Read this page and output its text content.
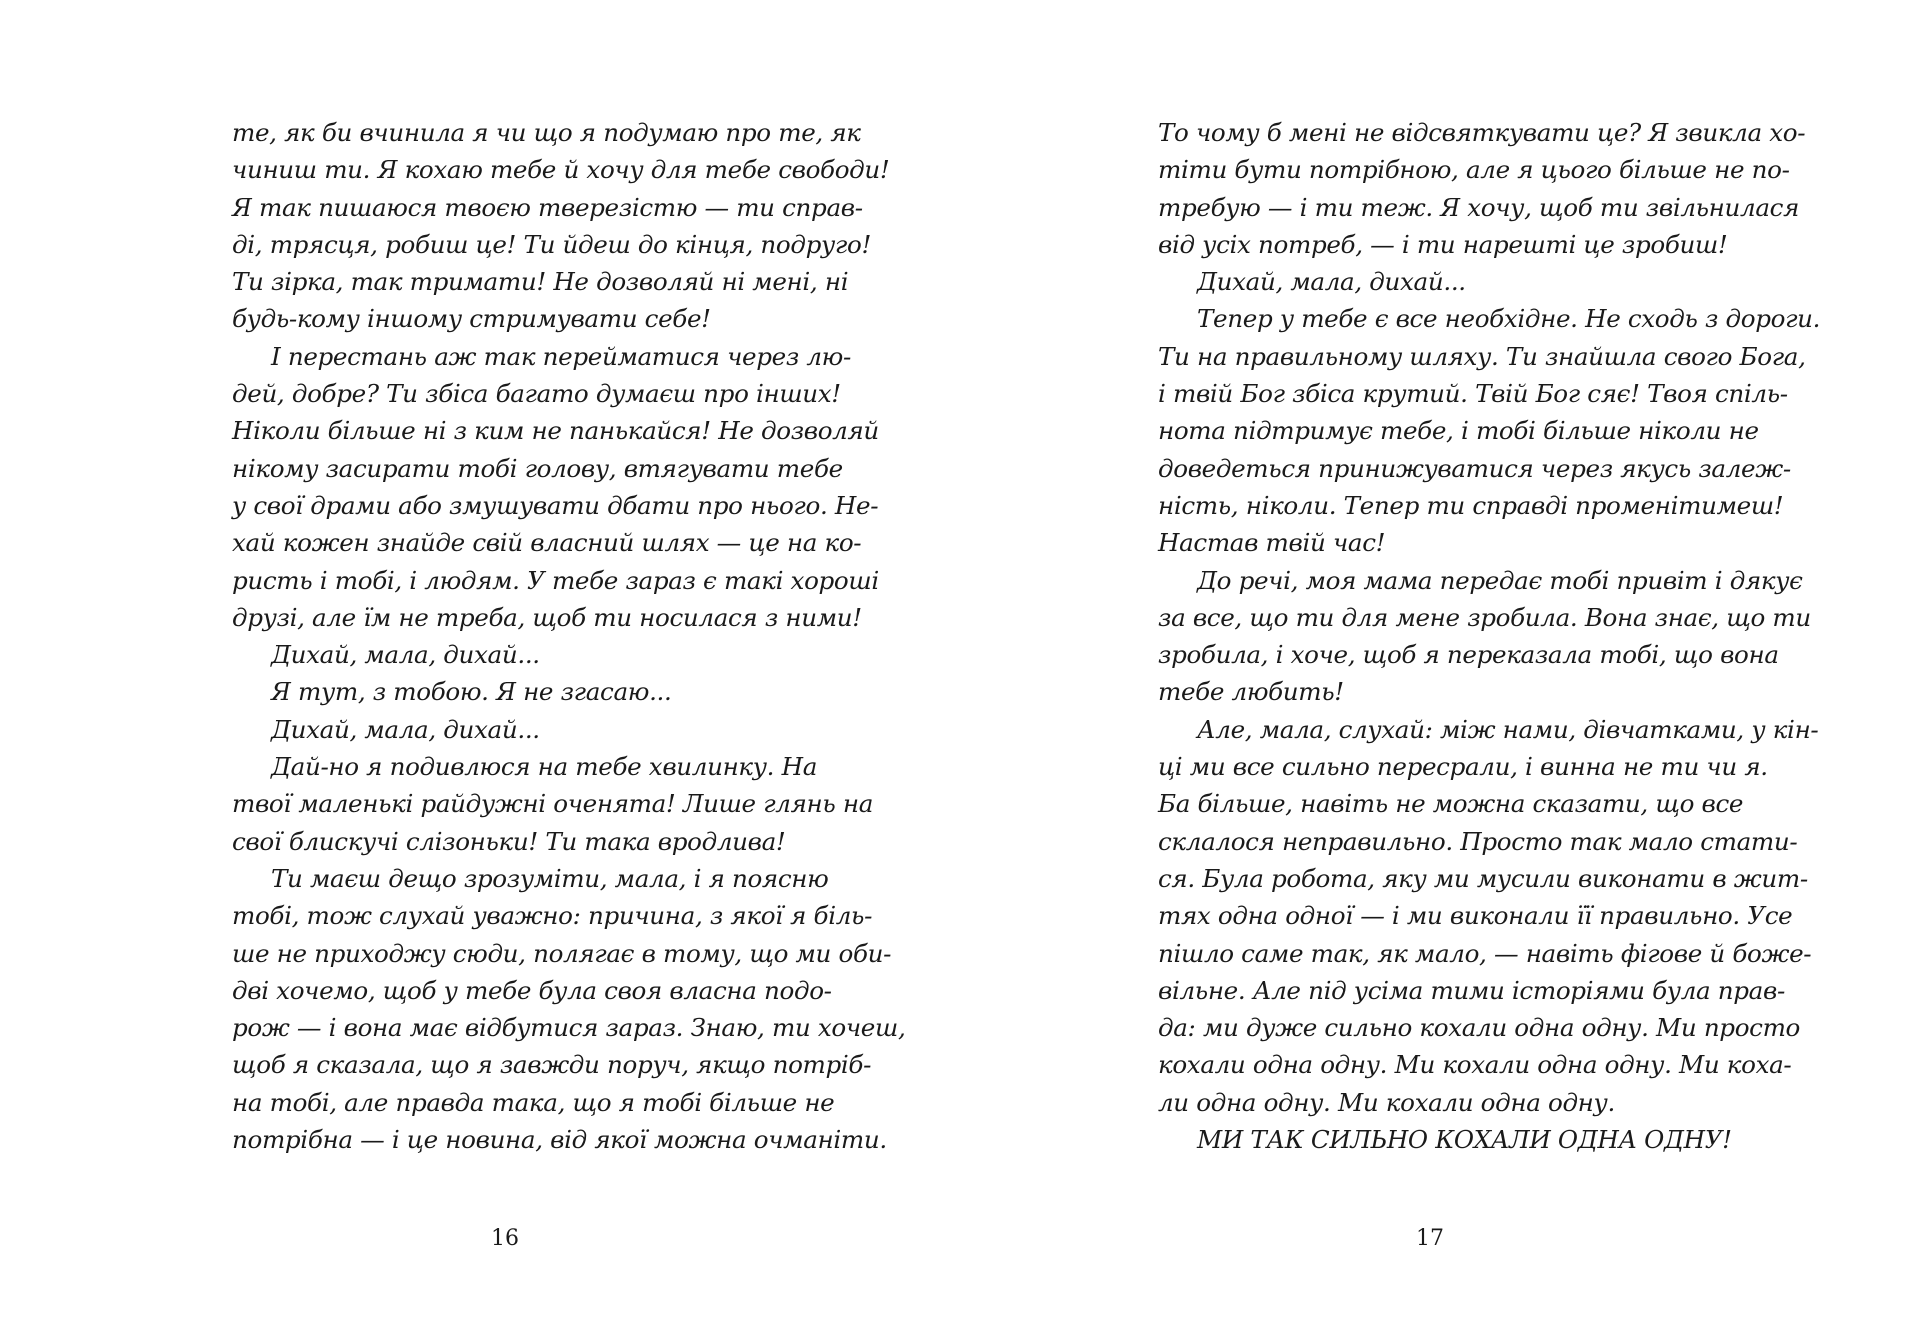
те, як би вчинила я чи що я подумаю про те, як
чиниш ти. Я кохаю тебе й хочу для тебе свободи!
Я так пишаюся твоєю тверезістю — ти справ-
ді, трясця, робиш це! Ти йдеш до кінця, подруго!
Ти зірка, так тримати! Не дозволяй ні мені, ні
будь-кому іншому стримувати себе!
І перестань аж так перейматися через лю-
дей, добре? Ти збіса багато думаєш про інших!
Ніколи більше ні з ким не панькайся! Не дозволяй
нікому засирати тобі голову, втягувати тебе
у свої драми або змушувати дбати про нього. Не-
хай кожен знайде свій власний шлях — це на ко-
ристь і тобі, і людям. У тебе зараз є такі хороші
друзі, але їм не треба, щоб ти носилася з ними!
Дихай, мала, дихай...
Я тут, з тобою. Я не згасаю...
Дихай, мала, дихай...
Дай-но я подивлюся на тебе хвилинку. На
твої маленькі райдужні оченята! Лише глянь на
свої блискучі слізоньки! Ти така вродлива!
Ти маєш дещо зрозуміти, мала, і я поясню
тобі, тож слухай уважно: причина, з якої я біль-
ше не приходжу сюди, полягає в тому, що ми оби-
дві хочемо, щоб у тебе була своя власна подо-
рож — і вона має відбутися зараз. Знаю, ти хочеш,
щоб я сказала, що я завжди поруч, якщо потріб-
на тобі, але правда така, що я тобі більше не
потрібна — і це новина, від якої можна очманіти.
То чому б мені не відсвяткувати це? Я звикла хо-
тіти бути потрібною, але я цього більше не по-
требую — і ти теж. Я хочу, щоб ти звільнилася
від усіх потреб, — і ти нарешті це зробиш!
Дихай, мала, дихай...
Тепер у тебе є все необхідне. Не сходь з дороги.
Ти на правильному шляху. Ти знайшла свого Бога,
і твій Бог збіса крутий. Твій Бог сяє! Твоя спіль-
нота підтримує тебе, і тобі більше ніколи не
доведеться принижуватися через якусь залеж-
ність, ніколи. Тепер ти справді променітимеш!
Настав твій час!
До речі, моя мама передає тобі привіт і дякує
за все, що ти для мене зробила. Вона знає, що ти
зробила, і хоче, щоб я переказала тобі, що вона
тебе любить!
Але, мала, слухай: між нами, дівчатками, у кін-
ці ми все сильно пересрали, і винна не ти чи я.
Ба більше, навіть не можна сказати, що все
склалося неправильно. Просто так мало стати-
ся. Була робота, яку ми мусили виконати в жит-
тях одна одної — і ми виконали її правильно. Усе
пішло саме так, як мало, — навіть фігове й боже-
вільне. Але під усіма тими історіями була прав-
да: ми дуже сильно кохали одна одну. Ми просто
кохали одна одну. Ми кохали одна одну. Ми коха-
ли одна одну. Ми кохали одна одну.
МИ ТАК СИЛЬНО КОХАЛИ ОДНА ОДНУ!
16	17
